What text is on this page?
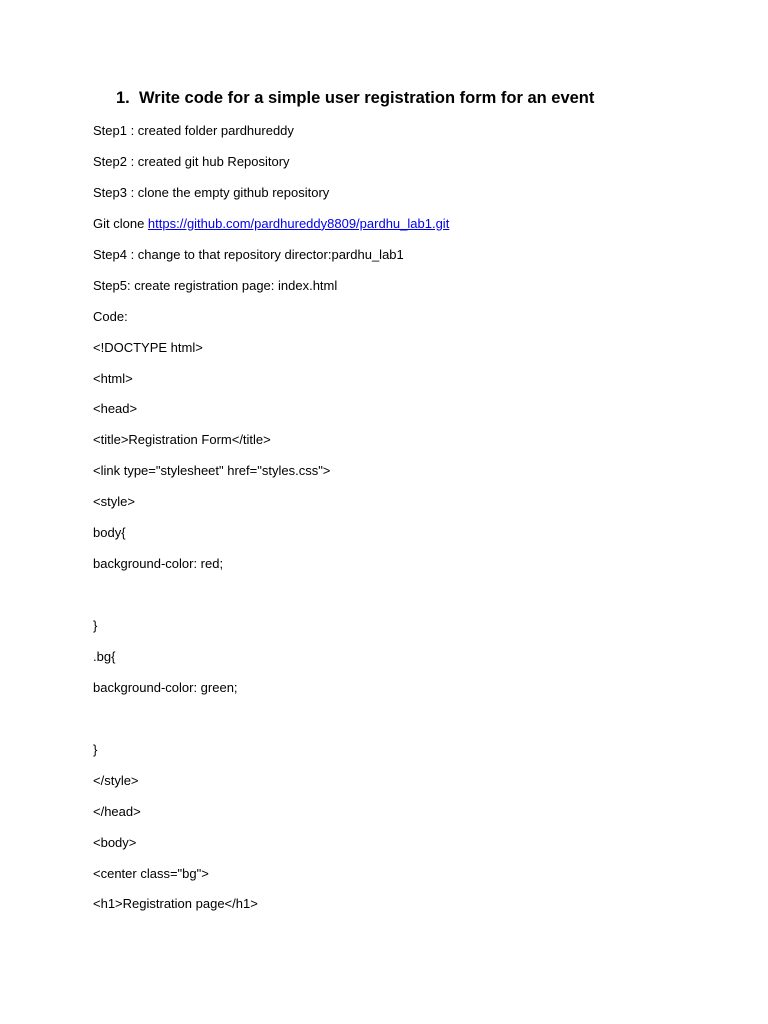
1. Write code for a simple user registration form for an event
Step1 : created folder pardhureddy
Step2 : created git hub Repository
Step3 : clone the empty github repository
Git clone https://github.com/pardhureddy8809/pardhu_lab1.git
Step4 : change to that repository director:pardhu_lab1
Step5: create registration page: index.html
Code:
<!DOCTYPE html>
<html>
<head>
<title>Registration Form</title>
<link type="stylesheet" href="styles.css">
<style>
body{
background-color: red;
}
.bg{
background-color: green;
}
</style>
</head>
<body>
<center class="bg">
<h1>Registration page</h1>
